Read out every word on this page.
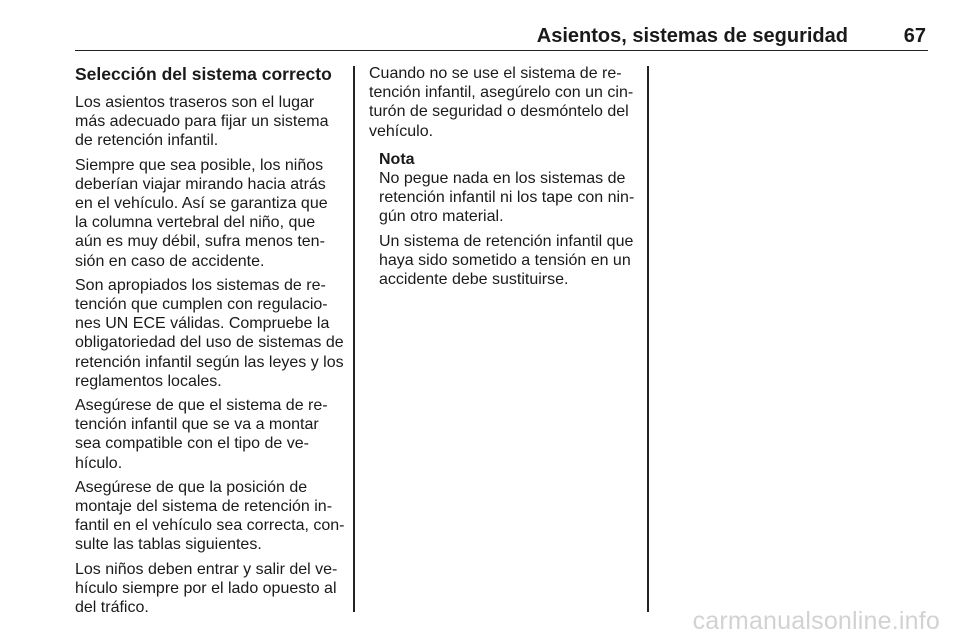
Asientos, sistemas de seguridad	67
Selección del sistema correcto

Los asientos traseros son el lugar
más adecuado para fijar un sistema
de retención infantil.

Siempre que sea posible, los niños
deberían viajar mirando hacia atrás
en el vehículo. Así se garantiza que
la columna vertebral del niño, que
aún es muy débil, sufra menos ten-
sión en caso de accidente.

Son apropiados los sistemas de re-
tención que cumplen con regulacio-
nes UN ECE válidas. Compruebe la
obligatoriedad del uso de sistemas de
retención infantil según las leyes y los
reglamentos locales.

Asegúrese de que el sistema de re-
tención infantil que se va a montar
sea compatible con el tipo de ve-
hículo.

Asegúrese de que la posición de
montaje del sistema de retención in-
fantil en el vehículo sea correcta, con-
sulte las tablas siguientes.

Los niños deben entrar y salir del ve-
hículo siempre por el lado opuesto al
del tráfico.

Cuando no se use el sistema de re-
tención infantil, asegúrelo con un cin-
turón de seguridad o desmóntelo del
vehículo.

Nota

No pegue nada en los sistemas de
retención infantil ni los tape con nin-
gún otro material.

Un sistema de retención infantil que
haya sido sometido a tensión en un
accidente debe sustituirse.

carmanualsonline.info
